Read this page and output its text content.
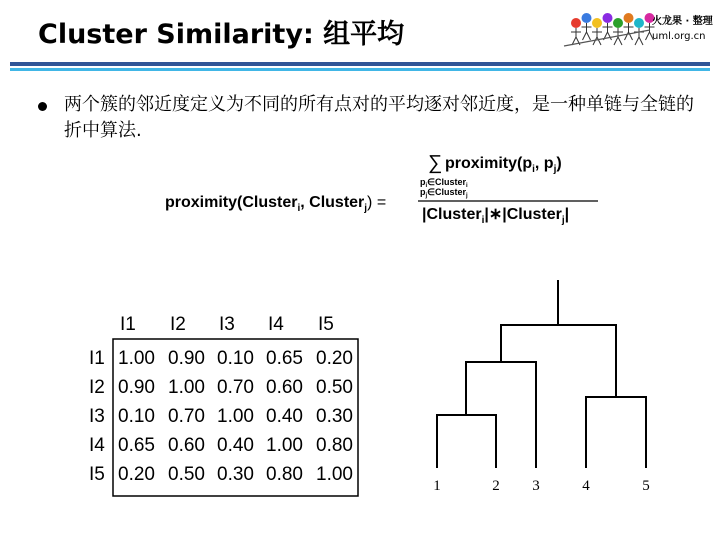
Cluster Similarity: 组平均	火龙果 · 整理
uml.org.cn
两个簇的邻近度定义为不同的所有点对的平均逐对邻近度，是一种单链与全链的折中算法.
proximity(Cluster$_i$, Cluster$_j$) =
∑ $proximity(p_i$, $p_j$)
$p_i\in Cluster_i$
$p_j\in Cluster_j$
|Cluster$_i$|∗|Cluster$_j$|
I1 I2 I3 I4 I5
I1 1.00 0.90 0.10 0.65 0.20
I2 0.90 1.00 0.70 0.60 0.50
I3 0.10 0.70 1.00 0.40 0.30
I4 0.65 0.60 0.40 1.00 0.80
I5 0.20 0.50 0.30 0.80 1.00
1	2 3	4	5
